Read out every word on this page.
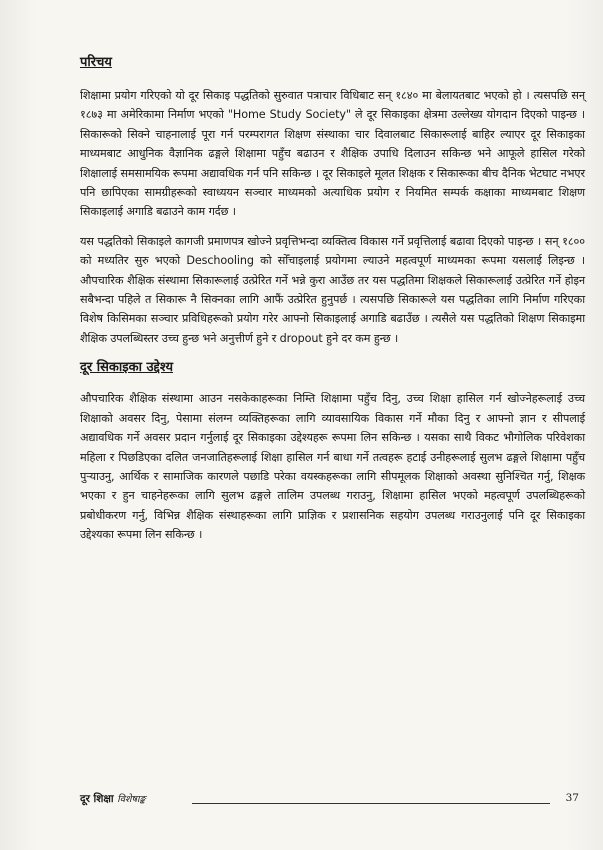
परिचय

शिक्षामा प्रयोग गरिएको यो दूर सिकाइ पद्धतिको सुरुवात पत्राचार विधिबाट सन् १८४० मा बेलायतबाट भएको हो । त्यसपछि सन् १८७३ मा अमेरिकामा निर्माण भएको "Home Study Society" ले दूर सिकाइका क्षेत्रमा उल्लेख्य योगदान दिएको पाइन्छ । सिकारूको सिक्ने चाहनालाई पूरा गर्न परम्परागत शिक्षण संस्थाका चार दिवालबाट सिकारूलाई बाहिर ल्याएर दूर सिकाइका माध्यमबाट आधुनिक वैज्ञानिक ढङ्गले शिक्षामा पहुँच बढाउन र शैक्षिक उपाधि दिलाउन सकिन्छ भने आफूले हासिल गरेको शिक्षालाई समसामयिक रूपमा अद्यावधिक गर्न पनि सकिन्छ । दूर सिकाइले मूलत शिक्षक र सिकारूका बीच दैनिक भेटघाट नभएर पनि छापिएका सामग्रीहरूको स्वाध्ययन सञ्चार माध्यमको अत्याधिक प्रयोग र नियमित सम्पर्क कक्षाका माध्यमबाट शिक्षण सिकाइलाई अगाडि बढाउने काम गर्दछ ।

यस पद्धतिको सिकाइले कागजी प्रमाणपत्र खोज्ने प्रवृत्तिभन्दा व्यक्तित्व विकास गर्ने प्रवृत्तिलाई बढावा दिएको पाइन्छ । सन् १८०० को मध्यतिर सुरु भएको Deschooling को सोँचाइलाई प्रयोगमा ल्याउने महत्वपूर्ण माध्यमका रूपमा यसलाई लिइन्छ । औपचारिक शैक्षिक संस्थामा सिकारूलाई उत्प्रेरित गर्ने भन्ने कुरा आउँछ तर यस पद्धतिमा शिक्षकले सिकारूलाई उत्प्रेरित गर्ने होइन सबैभन्दा पहिले त सिकारू नै सिक्नका लागि आफैं उत्प्रेरित हुनुपर्छ । त्यसपछि सिकारूले यस पद्धतिका लागि निर्माण गरिएका विशेष किसिमका सञ्चार प्रविधिहरूको प्रयोग गरेर आफ्नो सिकाइलाई अगाडि बढाउँछ । त्यसैले यस पद्धतिको शिक्षण सिकाइमा शैक्षिक उपलब्धिस्तर उच्च हुन्छ भने अनुत्तीर्ण हुने र dropout हुने दर कम हुन्छ ।

दूर सिकाइका उद्देश्य

औपचारिक शैक्षिक संस्थामा आउन नसकेकाहरूका निम्ति शिक्षामा पहुँच दिनु, उच्च शिक्षा हासिल गर्न खोज्नेहरूलाई उच्च शिक्षाको अवसर दिनु, पेसामा संलग्न व्यक्तिहरूका लागि व्यावसायिक विकास गर्ने मौका दिनु र आफ्नो ज्ञान र सीपलाई अद्यावधिक गर्ने अवसर प्रदान गर्नुलाई दूर सिकाइका उद्देश्यहरू रूपमा लिन सकिन्छ । यसका साथै विकट भौगोलिक परिवेशका महिला र पिछडिएका दलित जनजातिहरूलाई शिक्षा हासिल गर्न बाधा गर्ने तत्वहरू हटाई उनीहरूलाई सुलभ ढङ्गले शिक्षामा पहुँच पुर्‍याउनु, आर्थिक र सामाजिक कारणले पछाडि परेका वयस्कहरूका लागि सीपमूलक शिक्षाको अवस्था सुनिश्चित गर्नु, शिक्षक भएका र हुन चाहनेहरूका लागि सुलभ ढङ्गले तालिम उपलब्ध गराउनु, शिक्षामा हासिल भएको महत्वपूर्ण उपलब्धिहरूको प्रबोधीकरण गर्नु, विभिन्न शैक्षिक संस्थाहरूका लागि प्राज्ञिक र प्रशासनिक सहयोग उपलब्ध गराउनुलाई पनि दूर सिकाइका उद्देश्यका रूपमा लिन सकिन्छ ।

दूर शिक्षा विशेषाङ्क	37
